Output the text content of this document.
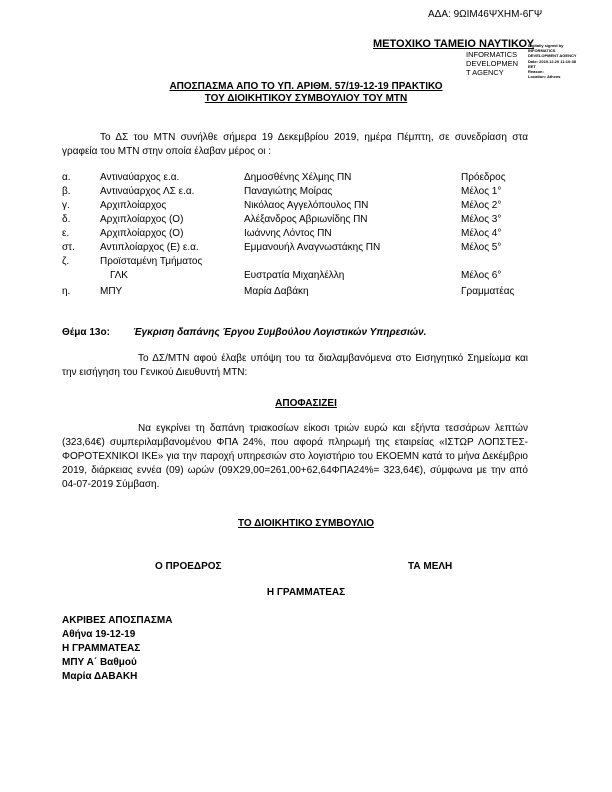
ΑΔΑ: 9ΩΙΜ46ΨΧΗΜ-6ΓΨ
ΜΕΤΟΧΙΚΟ ΤΑΜΕΙΟ ΝΑΥΤΙΚΟΥ
INFORMATICS
DEVELOPMEN
T AGENCY
Digitally signed by
INFORMATICS
DEVELOPMENT AGENCY
Date: 2019.12.20 11:10:38
EET
Reason:
Location: Athens
ΑΠΟΣΠΑΣΜΑ ΑΠΟ ΤΟ ΥΠ. ΑΡΙΘΜ. 57/19-12-19 ΠΡΑΚΤΙΚΟ
ΤΟΥ ΔΙΟΙΚΗΤΙΚΟΥ ΣΥΜΒΟΥΛΙΟΥ ΤΟΥ ΜΤΝ
Το ΔΣ του ΜΤΝ συνήλθε σήμερα 19 Δεκεμβρίου 2019, ημέρα Πέμπτη, σε συνεδρίαση στα γραφεία του ΜΤΝ στην οποία έλαβαν μέρος οι :
α.	Αντιναύαρχος ε.α.	Δημοσθένης Χέλμης ΠΝ	Πρόεδρος
β.	Αντιναύαρχος ΛΣ ε.α.	Παναγιώτης Μοίρας	Μέλος 1°
γ.	Αρχιπλοίαρχος	Νικόλαος Αγγελόπουλος ΠΝ	Μέλος 2°
δ.	Αρχιπλοίαρχος (Ο)	Αλέξανδρος Αβριωνίδης ΠΝ	Μέλος 3°
ε.	Αρχιπλοίαρχος (Ο)	Ιωάννης Λόντος ΠΝ	Μέλος 4°
στ.	Αντιπλοίαρχος (Ε) ε.α.	Εμμανουήλ Αναγνωστάκης ΠΝ	Μέλος 5°
ζ.	Προϊσταμένη Τμήματος
ΓΛΚ	Ευστρατία Μιχαηλέλλη	Μέλος 6°
η.	ΜΠΥ	Μαρία Δαβάκη	Γραμματέας
Θέμα 13ο: Έγκριση δαπάνης Έργου Συμβούλου Λογιστικών Υπηρεσιών.
Το ΔΣ/ΜΤΝ αφού έλαβε υπόψη του τα διαλαμβανόμενα στο Εισηγητικό Σημείωμα και την εισήγηση του Γενικού Διευθυντή ΜΤΝ:
ΑΠΟΦΑΣΙΖΕΙ
Να εγκρίνει τη δαπάνη τριακοσίων είκοσι τριών ευρώ και εξήντα τεσσάρων λεπτών (323,64€) συμπεριλαμβανομένου ΦΠΑ 24%, που αφορά πληρωμή της εταιρείας «ΙΣΤΩΡ ΛΟΠΣΤΕΣ-ΦΟΡΟΤΕΧΝΙΚΟΙ ΙΚΕ» για την παροχή υπηρεσιών στο λογιστήριο του ΕΚΟΕΜΝ κατά το μήνα Δεκέμβριο 2019, διάρκειας εννέα (09) ωρών (09Χ29,00=261,00+62,64ΦΠΑ24%= 323,64€), σύμφωνα με την από 04-07-2019 Σύμβαση.
ΤΟ ΔΙΟΙΚΗΤΙΚΟ ΣΥΜΒΟΥΛΙΟ
Ο ΠΡΟΕΔΡΟΣ	ΤΑ ΜΕΛΗ
Η ΓΡΑΜΜΑΤΕΑΣ
ΑΚΡΙΒΕΣ ΑΠΟΣΠΑΣΜΑ
Αθήνα 19-12-19
Η ΓΡΑΜΜΑΤΕΑΣ
ΜΠΥ Α΄ Βαθμού
Μαρία ΔΑΒΑΚΗ
